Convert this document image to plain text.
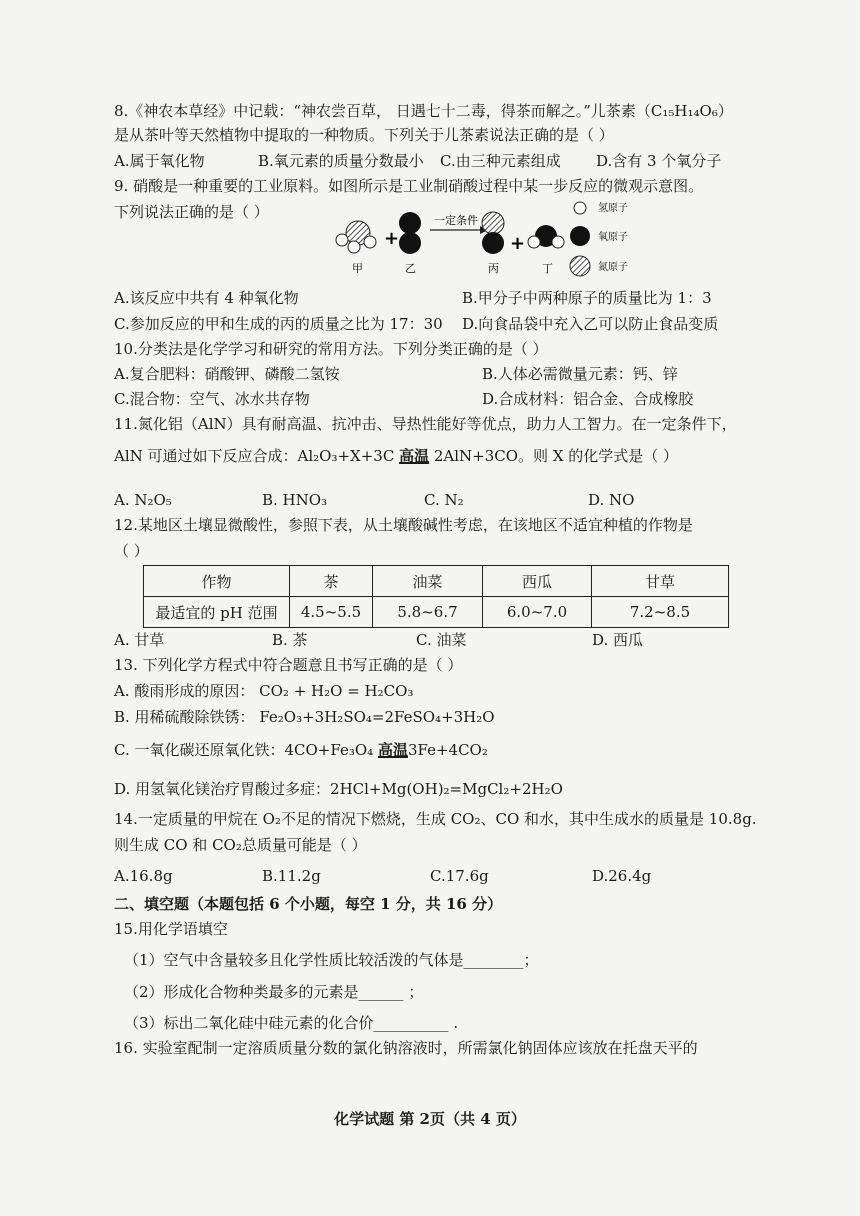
8.《神农本草经》中记载：“神农尝百草， 日遇七十二毒，得茶而解之。”儿茶素（C₁₅H₁₄O₆）
是从茶叶等天然植物中提取的一种物质。下列关于儿茶素说法正确的是（ ）
A.属于氧化物	B.氧元素的质量分数最小 C.由三种元素组成 D.含有 3 个氧分子
9. 硝酸是一种重要的工业原料。如图所示是工业制硝酸过程中某一步反应的微观示意图。
下列说法正确的是（ ）
+
一定条件
+
甲	乙	丙	丁
氢原子
氧原子
氮原子
A.该反应中共有 4 种氧化物	B.甲分子中两种原子的质量比为 1：3
C.参加反应的甲和生成的丙的质量之比为 17：30 D.向食品袋中充入乙可以防止食品变质
10.分类法是化学学习和研究的常用方法。下列分类正确的是（ ）
A.复合肥料：硝酸钾、磷酸二氢铵	B.人体必需微量元素：钙、锌
C.混合物：空气、冰水共存物	D.合成材料：铝合金、合成橡胶
11.氮化铝（AlN）具有耐高温、抗冲击、导热性能好等优点，助力人工智力。在一定条件下，
AlN 可通过如下反应合成：Al₂O₃+X+3C 高温 2AlN+3CO。则 X 的化学式是（ ）
A. N₂O₅	B. HNO₃	C. N₂	D. NO
12.某地区土壤显微酸性，参照下表，从土壤酸碱性考虑，在该地区不适宜种植的作物是
（ ）
作物	茶	油菜	西瓜	甘草
最适宜的 pH 范围	4.5~5.5	5.8~6.7	6.0~7.0	7.2~8.5
A. 甘草	B. 茶	C. 油菜	D. 西瓜
13. 下列化学方程式中符合题意且书写正确的是（ ）
A. 酸雨形成的原因： CO₂ + H₂O = H₂CO₃
B. 用稀硫酸除铁锈： Fe₂O₃+3H₂SO₄=2FeSO₄+3H₂O
C. 一氧化碳还原氧化铁：4CO+Fe₃O₄ 高温3Fe+4CO₂
D. 用氢氧化镁治疗胃酸过多症：2HCl+Mg(OH)₂=MgCl₂+2H₂O
14.一定质量的甲烷在 O₂不足的情况下燃烧，生成 CO₂、CO 和水，其中生成水的质量是 10.8g.
则生成 CO 和 CO₂总质量可能是（ ）
A.16.8g	B.11.2g	C.17.6g	D.26.4g
二、填空题（本题包括 6 个小题，每空 1 分，共 16 分）
15.用化学语填空
（1）空气中含量较多且化学性质比较活泼的气体是________；
（2）形成化合物种类最多的元素是______ ；
（3）标出二氧化硅中硅元素的化合价__________ .
16. 实验室配制一定溶质质量分数的氯化钠溶液时，所需氯化钠固体应该放在托盘天平的
化学试题 第 2页（共 4 页）
